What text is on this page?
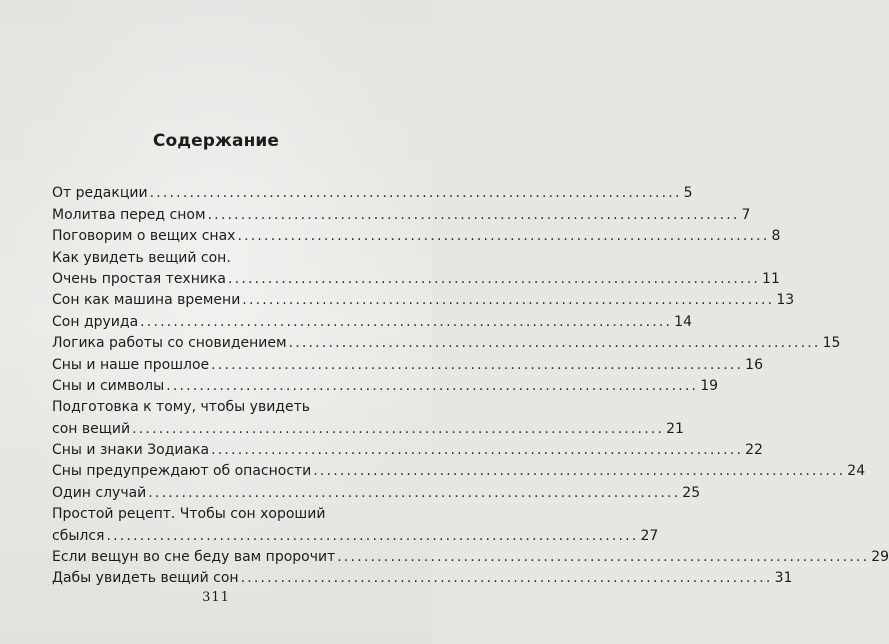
Содержание
От редакции ................................................................................ 5
Молитва перед сном ................................................................................ 7
Поговорим о вещих снах ................................................................................ 8
Как увидеть вещий сон.
Очень простая техника ................................................................................ 11
Сон как машина времени ................................................................................ 13
Сон друида ................................................................................ 14
Логика работы со сновидением ................................................................................ 15
Сны и наше прошлое ................................................................................ 16
Сны и символы ................................................................................ 19
Подготовка к тому, чтобы увидеть
сон вещий ................................................................................ 21
Сны и знаки Зодиака ................................................................................ 22
Сны предупреждают об опасности ................................................................................ 24
Один случай ................................................................................ 25
Простой рецепт. Чтобы сон хороший
сбылся ................................................................................ 27
Если вещун во сне беду вам пророчит ................................................................................ 29
Дабы увидеть вещий сон ................................................................................ 31
311
